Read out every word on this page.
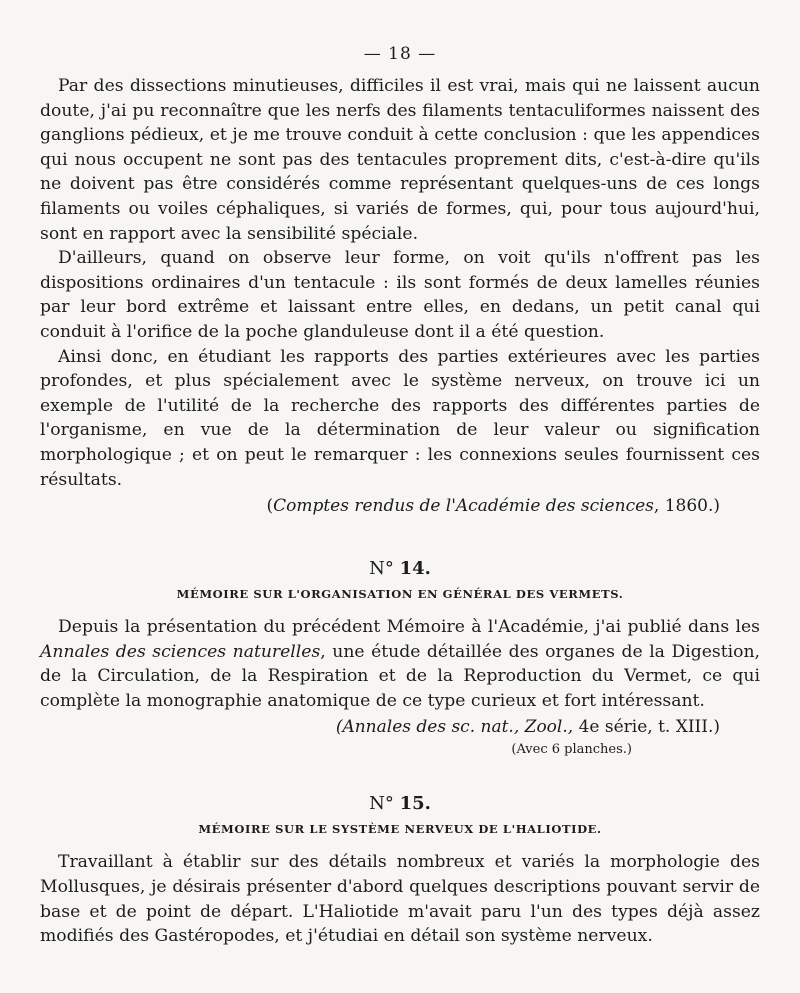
— 18 —

Par des dissections minutieuses, difficiles il est vrai, mais qui ne laissent aucun doute, j'ai pu reconnaître que les nerfs des filaments tentaculiformes naissent des ganglions pédieux, et je me trouve conduit à cette conclusion : que les appendices qui nous occupent ne sont pas des tentacules proprement dits, c'est-à-dire qu'ils ne doivent pas être considérés comme représentant quelques-uns de ces longs filaments ou voiles céphaliques, si variés de formes, qui, pour tous aujourd'hui, sont en rapport avec la sensibilité spéciale.

D'ailleurs, quand on observe leur forme, on voit qu'ils n'offrent pas les dispositions ordinaires d'un tentacule : ils sont formés de deux lamelles réunies par leur bord extrême et laissant entre elles, en dedans, un petit canal qui conduit à l'orifice de la poche glanduleuse dont il a été question.

Ainsi donc, en étudiant les rapports des parties extérieures avec les parties profondes, et plus spécialement avec le système nerveux, on trouve ici un exemple de l'utilité de la recherche des rapports des différentes parties de l'organisme, en vue de la détermination de leur valeur ou signification morphologique ; et on peut le remarquer : les connexions seules fournissent ces résultats.

(Comptes rendus de l'Académie des sciences, 1860.)
N° 14.
MÉMOIRE SUR L'ORGANISATION EN GÉNÉRAL DES VERMETS.

Depuis la présentation du précédent Mémoire à l'Académie, j'ai publié dans les Annales des sciences naturelles, une étude détaillée des organes de la Digestion, de la Circulation, de la Respiration et de la Reproduction du Vermet, ce qui complète la monographie anatomique de ce type curieux et fort intéressant.

(Annales des sc. nat., Zool., 4e série, t. XIII.)
(Avec 6 planches.)
N° 15.
MÉMOIRE SUR LE SYSTÈME NERVEUX DE L'HALIOTIDE.

Travaillant à établir sur des détails nombreux et variés la morphologie des Mollusques, je désirais présenter d'abord quelques descriptions pouvant servir de base et de point de départ. L'Haliotide m'avait paru l'un des types déjà assez modifiés des Gastéropodes, et j'étudiai en détail son système nerveux.
